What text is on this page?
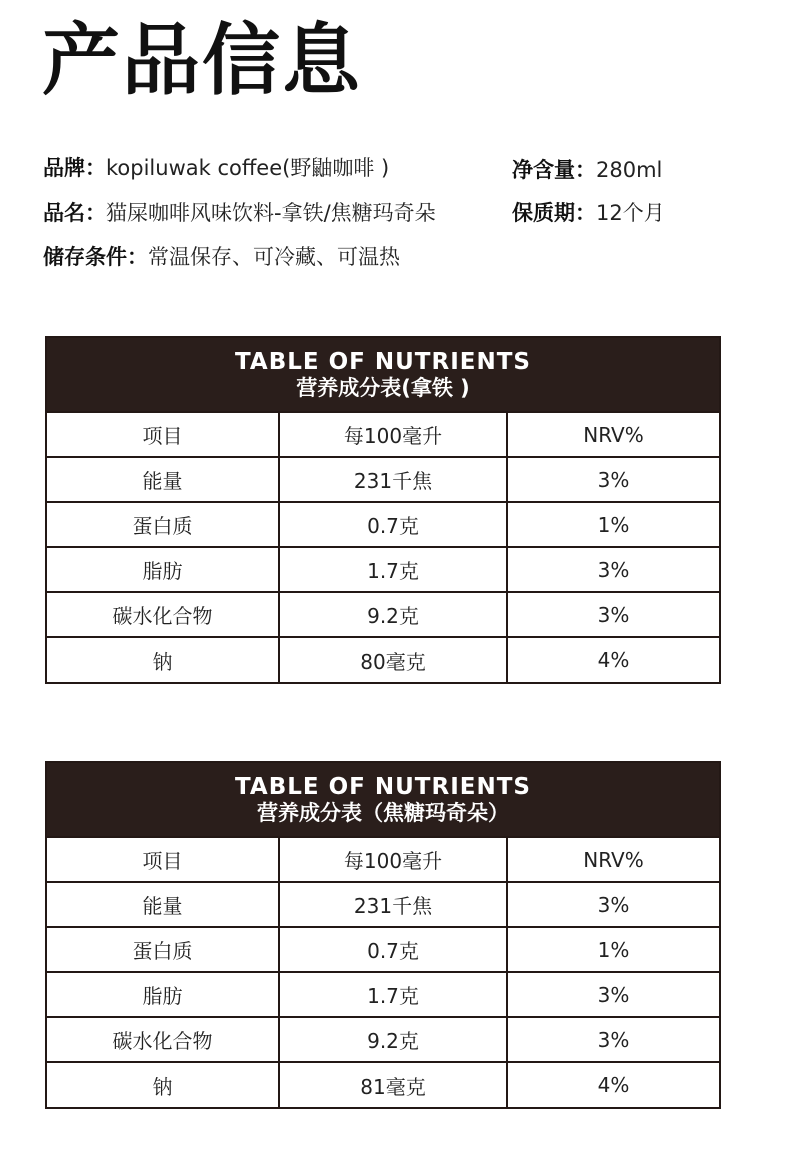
产品信息
品牌：kopiluwak coffee(野鼬咖啡 )	净含量：280ml
品名：猫屎咖啡风味饮料-拿铁/焦糖玛奇朵	保质期：12个月
储存条件：常温保存、可冷藏、可温热
TABLE OF NUTRIENTS
营养成分表(拿铁 )
项目	每100毫升	NRV%
能量	231千焦	3%
蛋白质	0.7克	1%
脂肪	1.7克	3%
碳水化合物	9.2克	3%
钠	80毫克	4%
TABLE OF NUTRIENTS
营养成分表（焦糖玛奇朵）
项目	每100毫升	NRV%
能量	231千焦	3%
蛋白质	0.7克	1%
脂肪	1.7克	3%
碳水化合物	9.2克	3%
钠	81毫克	4%
